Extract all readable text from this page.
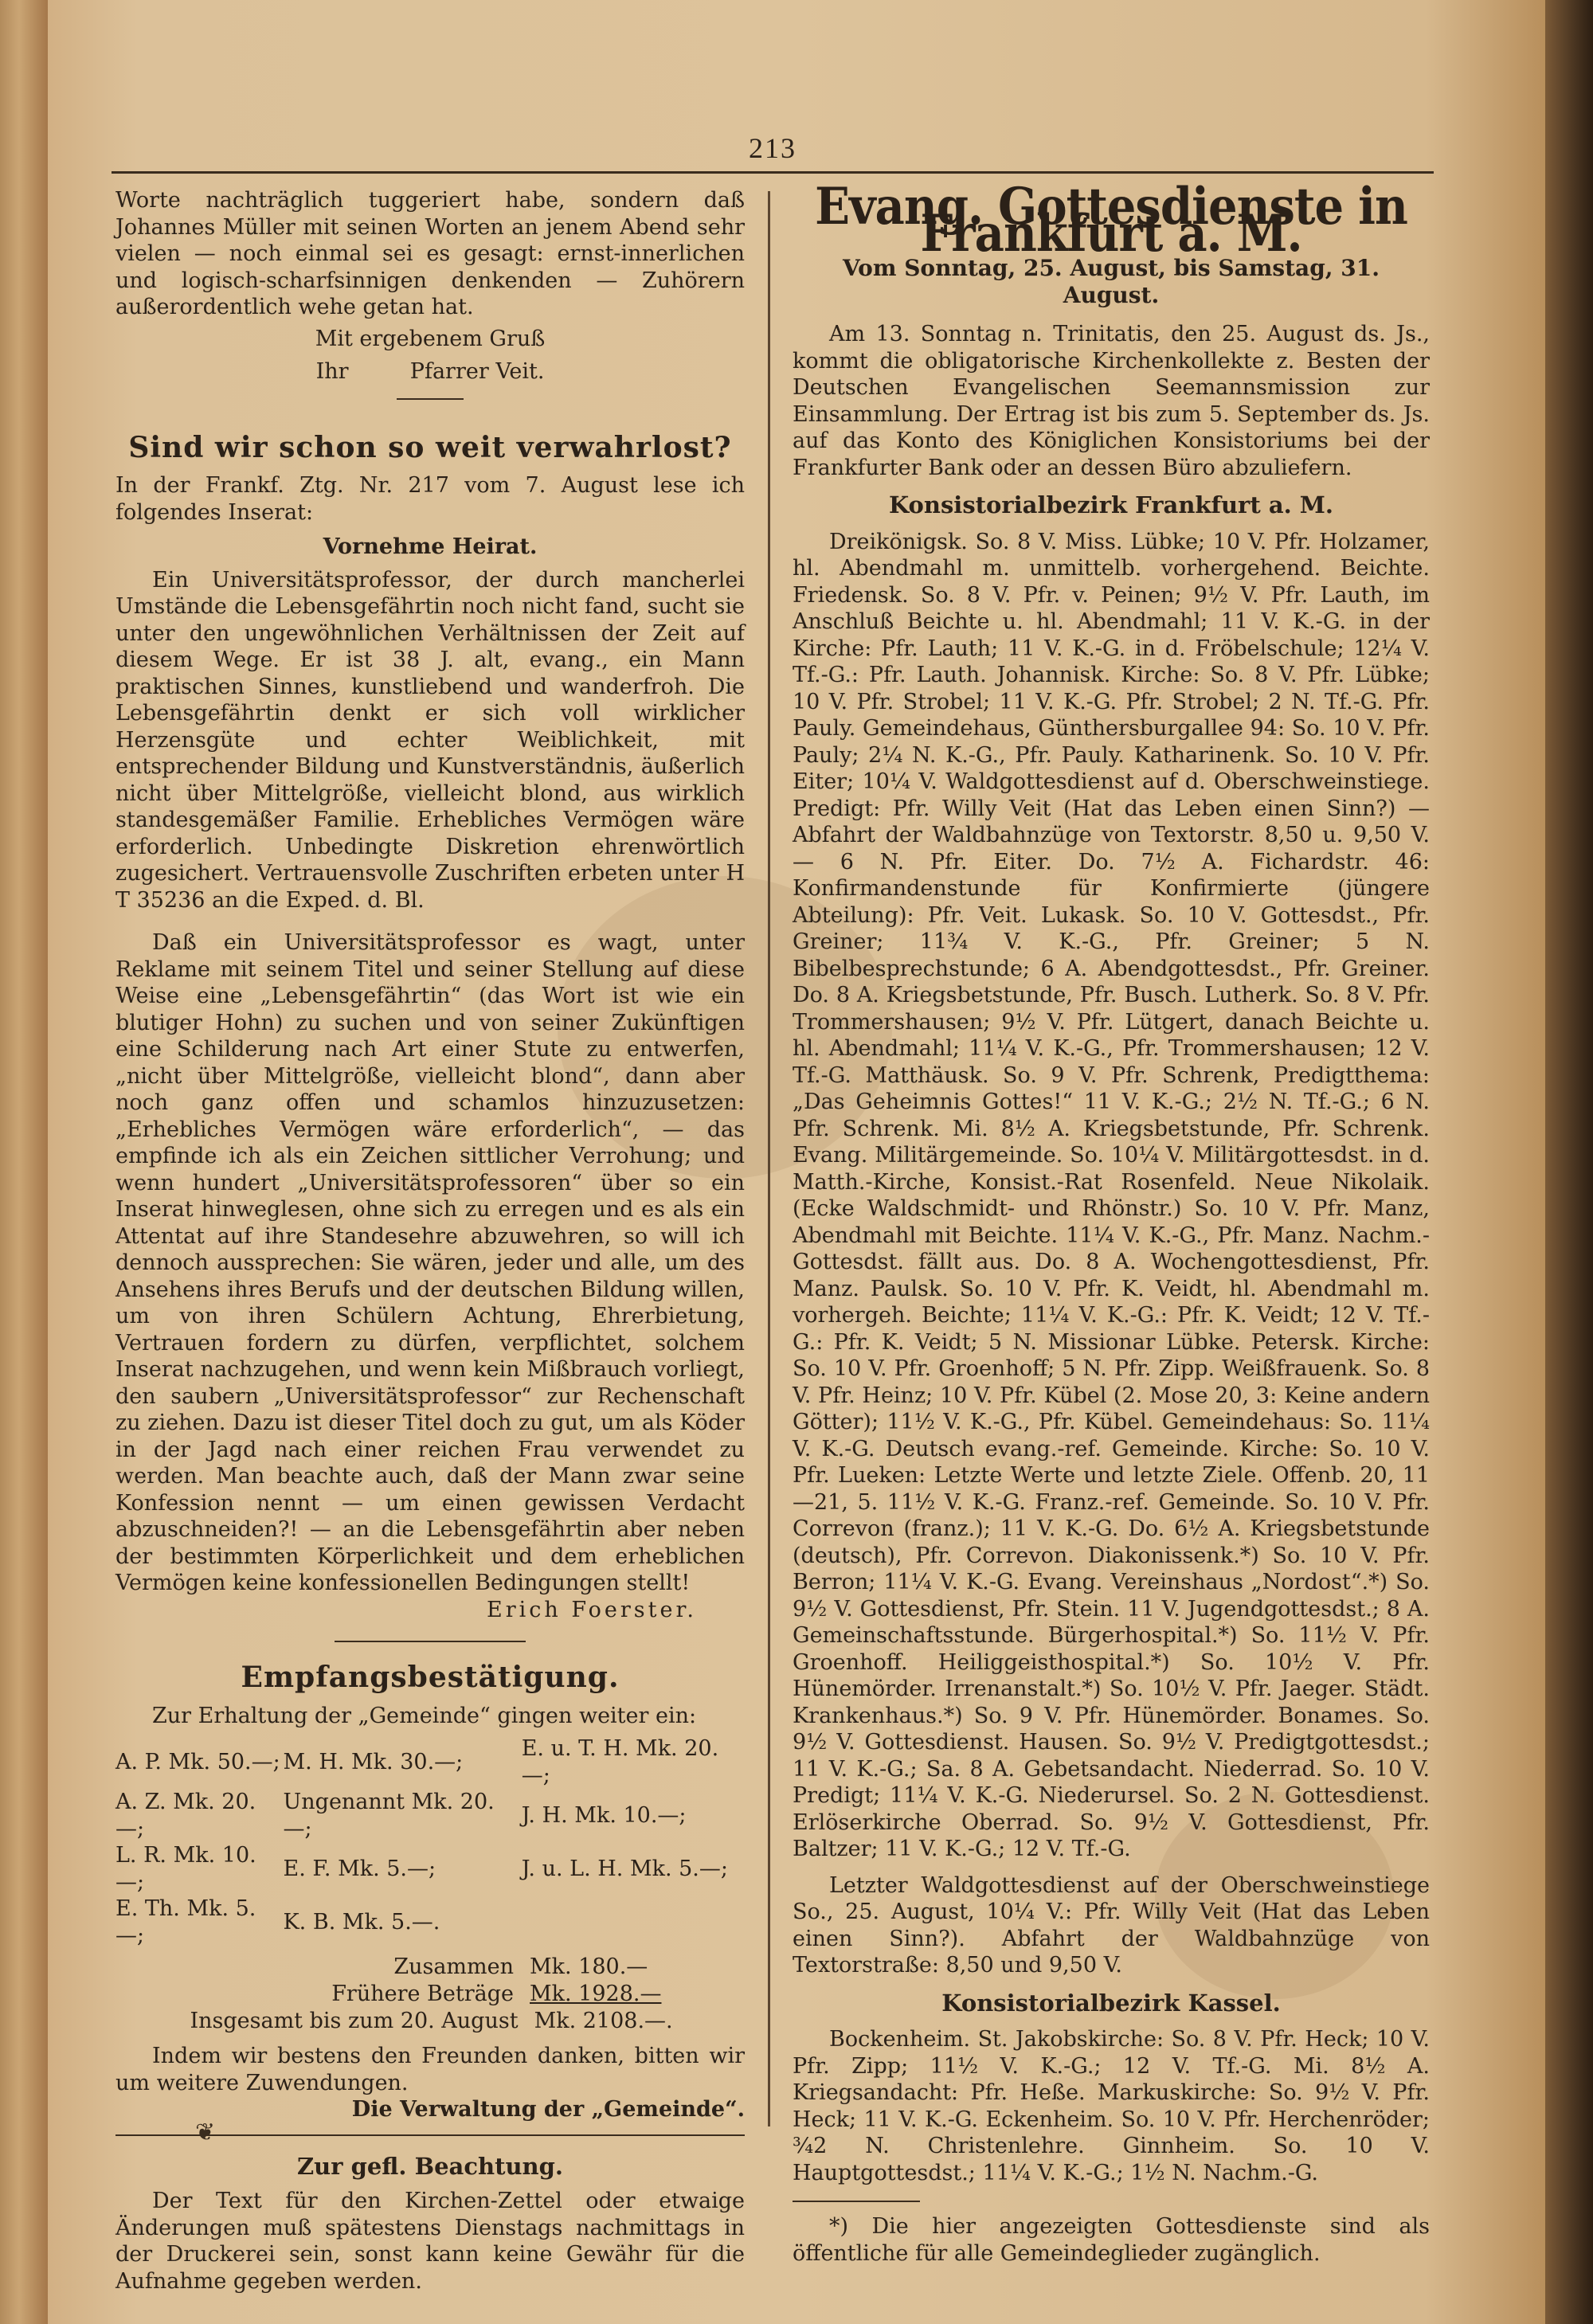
213

Worte nachträglich tuggeriert habe, sondern daß Johannes Müller mit seinen Worten an jenem Abend sehr vielen — noch einmal sei es gesagt: ernst-innerlichen und logisch-scharfsinnigen denkenden — Zuhörern außerordentlich wehe getan hat.

Mit ergebenem Gruß

Ihr         Pfarrer Veit.

Sind wir schon so weit verwahrlost?

In der Frankf. Ztg. Nr. 217 vom 7. August lese ich folgendes Inserat:

Vornehme Heirat.

Ein Universitätsprofessor, der durch mancherlei Umstände die Lebensgefährtin noch nicht fand, sucht sie unter den ungewöhnlichen Verhältnissen der Zeit auf diesem Wege. Er ist 38 J. alt, evang., ein Mann praktischen Sinnes, kunstliebend und wanderfroh. Die Lebensgefährtin denkt er sich voll wirklicher Herzensgüte und echter Weiblichkeit, mit entsprechender Bildung und Kunstverständnis, äußerlich nicht über Mittelgröße, vielleicht blond, aus wirklich standesgemäßer Familie. Erhebliches Vermögen wäre erforderlich. Unbedingte Diskretion ehrenwörtlich zugesichert. Vertrauensvolle Zuschriften erbeten unter H T 35236 an die Exped. d. Bl.

Daß ein Universitätsprofessor es wagt, unter Reklame mit seinem Titel und seiner Stellung auf diese Weise eine „Lebensgefährtin“ (das Wort ist wie ein blutiger Hohn) zu suchen und von seiner Zukünftigen eine Schilderung nach Art einer Stute zu entwerfen, „nicht über Mittelgröße, vielleicht blond“, dann aber noch ganz offen und schamlos hinzuzusetzen: „Erhebliches Vermögen wäre erforderlich“, — das empfinde ich als ein Zeichen sittlicher Verrohung; und wenn hundert „Universitätsprofessoren“ über so ein Inserat hinweglesen, ohne sich zu erregen und es als ein Attentat auf ihre Standesehre abzuwehren, so will ich dennoch aussprechen: Sie wären, jeder und alle, um des Ansehens ihres Berufs und der deutschen Bildung willen, um von ihren Schülern Achtung, Ehrerbietung, Vertrauen fordern zu dürfen, verpflichtet, solchem Inserat nachzugehen, und wenn kein Mißbrauch vorliegt, den saubern „Universitätsprofessor“ zur Rechenschaft zu ziehen. Dazu ist dieser Titel doch zu gut, um als Köder in der Jagd nach einer reichen Frau verwendet zu werden. Man beachte auch, daß der Mann zwar seine Konfession nennt — um einen gewissen Verdacht abzuschneiden?! — an die Lebensgefährtin aber neben der bestimmten Körperlichkeit und dem erheblichen Vermögen keine konfessionellen Bedingungen stellt!

Erich Foerster.

Empfangsbestätigung.

Zur Erhaltung der „Gemeinde“ gingen weiter ein:

A. P. Mk. 50.—;	M. H. Mk. 30.—;	E. u. T. H. Mk. 20.—;
A. Z. Mk. 20.—;	Ungenannt Mk. 20.—;	J. H. Mk. 10.—;
L. R. Mk. 10.—;	E. F. Mk. 5.—;	J. u. L. H. Mk. 5.—;
E. Th. Mk. 5.—;	K. B. Mk. 5.—.	
Zusammen Mk. 180.—
Frühere Beträge Mk. 1928.—
Insgesamt bis zum 20. August Mk. 2108.—.

Indem wir bestens den Freunden danken, bitten wir um weitere Zuwendungen.

Die Verwaltung der „Gemeinde“.

Zur gefl. Beachtung.

Der Text für den Kirchen-Zettel oder etwaige Änderungen muß spätestens Dienstags nachmittags in der Druckerei sein, sonst kann keine Gewähr für die Aufnahme gegeben werden.

Evang. Gottesdienste in Frankfurt a. M.
Vom Sonntag, 25. August, bis Samstag, 31. August.

Am 13. Sonntag n. Trinitatis, den 25. August ds. Js., kommt die obligatorische Kirchenkollekte z. Besten der Deutschen Evangelischen Seemannsmission zur Einsammlung. Der Ertrag ist bis zum 5. September ds. Js. auf das Konto des Königlichen Konsistoriums bei der Frankfurter Bank oder an dessen Büro abzuliefern.

Konsistorialbezirk Frankfurt a. M.

Dreikönigsk. So. 8 V. Miss. Lübke; 10 V. Pfr. Holzamer, hl. Abendmahl m. unmittelb. vorhergehend. Beichte. Friedensk. So. 8 V. Pfr. v. Peinen; 9½ V. Pfr. Lauth, im Anschluß Beichte u. hl. Abendmahl; 11 V. K.-G. in der Kirche: Pfr. Lauth; 11 V. K.-G. in d. Fröbelschule; 12¼ V. Tf.-G.: Pfr. Lauth. Johannisk. Kirche: So. 8 V. Pfr. Lübke; 10 V. Pfr. Strobel; 11 V. K.-G. Pfr. Strobel; 2 N. Tf.-G. Pfr. Pauly. Gemeindehaus, Günthersburgallee 94: So. 10 V. Pfr. Pauly; 2¼ N. K.-G., Pfr. Pauly. Katharinenk. So. 10 V. Pfr. Eiter; 10¼ V. Waldgottesdienst auf d. Oberschweinstiege. Predigt: Pfr. Willy Veit (Hat das Leben einen Sinn?) — Abfahrt der Waldbahnzüge von Textorstr. 8,50 u. 9,50 V. — 6 N. Pfr. Eiter. Do. 7½ A. Fichardstr. 46: Konfirmandenstunde für Konfirmierte (jüngere Abteilung): Pfr. Veit. Lukask. So. 10 V. Gottesdst., Pfr. Greiner; 11¾ V. K.-G., Pfr. Greiner; 5 N. Bibelbesprechstunde; 6 A. Abendgottesdst., Pfr. Greiner. Do. 8 A. Kriegsbetstunde, Pfr. Busch. Lutherk. So. 8 V. Pfr. Trommershausen; 9½ V. Pfr. Lütgert, danach Beichte u. hl. Abendmahl; 11¼ V. K.-G., Pfr. Trommershausen; 12 V. Tf.-G. Matthäusk. So. 9 V. Pfr. Schrenk, Predigtthema: „Das Geheimnis Gottes!“ 11 V. K.-G.; 2½ N. Tf.-G.; 6 N. Pfr. Schrenk. Mi. 8½ A. Kriegsbetstunde, Pfr. Schrenk. Evang. Militärgemeinde. So. 10¼ V. Militärgottesdst. in d. Matth.-Kirche, Konsist.-Rat Rosenfeld. Neue Nikolaik. (Ecke Waldschmidt- und Rhönstr.) So. 10 V. Pfr. Manz, Abendmahl mit Beichte. 11¼ V. K.-G., Pfr. Manz. Nachm.-Gottesdst. fällt aus. Do. 8 A. Wochengottesdienst, Pfr. Manz. Paulsk. So. 10 V. Pfr. K. Veidt, hl. Abendmahl m. vorhergeh. Beichte; 11¼ V. K.-G.: Pfr. K. Veidt; 12 V. Tf.-G.: Pfr. K. Veidt; 5 N. Missionar Lübke. Petersk. Kirche: So. 10 V. Pfr. Groenhoff; 5 N. Pfr. Zipp. Weißfrauenk. So. 8 V. Pfr. Heinz; 10 V. Pfr. Kübel (2. Mose 20, 3: Keine andern Götter); 11½ V. K.-G., Pfr. Kübel. Gemeindehaus: So. 11¼ V. K.-G. Deutsch evang.-ref. Gemeinde. Kirche: So. 10 V. Pfr. Lueken: Letzte Werte und letzte Ziele. Offenb. 20, 11—21, 5. 11½ V. K.-G. Franz.-ref. Gemeinde. So. 10 V. Pfr. Correvon (franz.); 11 V. K.-G. Do. 6½ A. Kriegsbetstunde (deutsch), Pfr. Correvon. Diakonissenk.*) So. 10 V. Pfr. Berron; 11¼ V. K.-G. Evang. Vereinshaus „Nordost“.*) So. 9½ V. Gottesdienst, Pfr. Stein. 11 V. Jugendgottesdst.; 8 A. Gemeinschaftsstunde. Bürgerhospital.*) So. 11½ V. Pfr. Groenhoff. Heiliggeisthospital.*) So. 10½ V. Pfr. Hünemörder. Irrenanstalt.*) So. 10½ V. Pfr. Jaeger. Städt. Krankenhaus.*) So. 9 V. Pfr. Hünemörder. Bonames. So. 9½ V. Gottesdienst. Hausen. So. 9½ V. Predigtgottesdst.; 11 V. K.-G.; Sa. 8 A. Gebetsandacht. Niederrad. So. 10 V. Predigt; 11¼ V. K.-G. Niederursel. So. 2 N. Gottesdienst. Erlöserkirche Oberrad. So. 9½ V. Gottesdienst, Pfr. Baltzer; 11 V. K.-G.; 12 V. Tf.-G.

Letzter Waldgottesdienst auf der Oberschweinstiege So., 25. August, 10¼ V.: Pfr. Willy Veit (Hat das Leben einen Sinn?). Abfahrt der Waldbahnzüge von Textorstraße: 8,50 und 9,50 V.

Konsistorialbezirk Kassel.

Bockenheim. St. Jakobskirche: So. 8 V. Pfr. Heck; 10 V. Pfr. Zipp; 11½ V. K.-G.; 12 V. Tf.-G. Mi. 8½ A. Kriegsandacht: Pfr. Heße. Markuskirche: So. 9½ V. Pfr. Heck; 11 V. K.-G. Eckenheim. So. 10 V. Pfr. Herchenröder; ¾2 N. Christenlehre. Ginnheim. So. 10 V. Hauptgottesdst.; 11¼ V. K.-G.; 1½ N. Nachm.-G.

*) Die hier angezeigten Gottesdienste sind als öffentliche für alle Gemeindeglieder zugänglich.

❦
